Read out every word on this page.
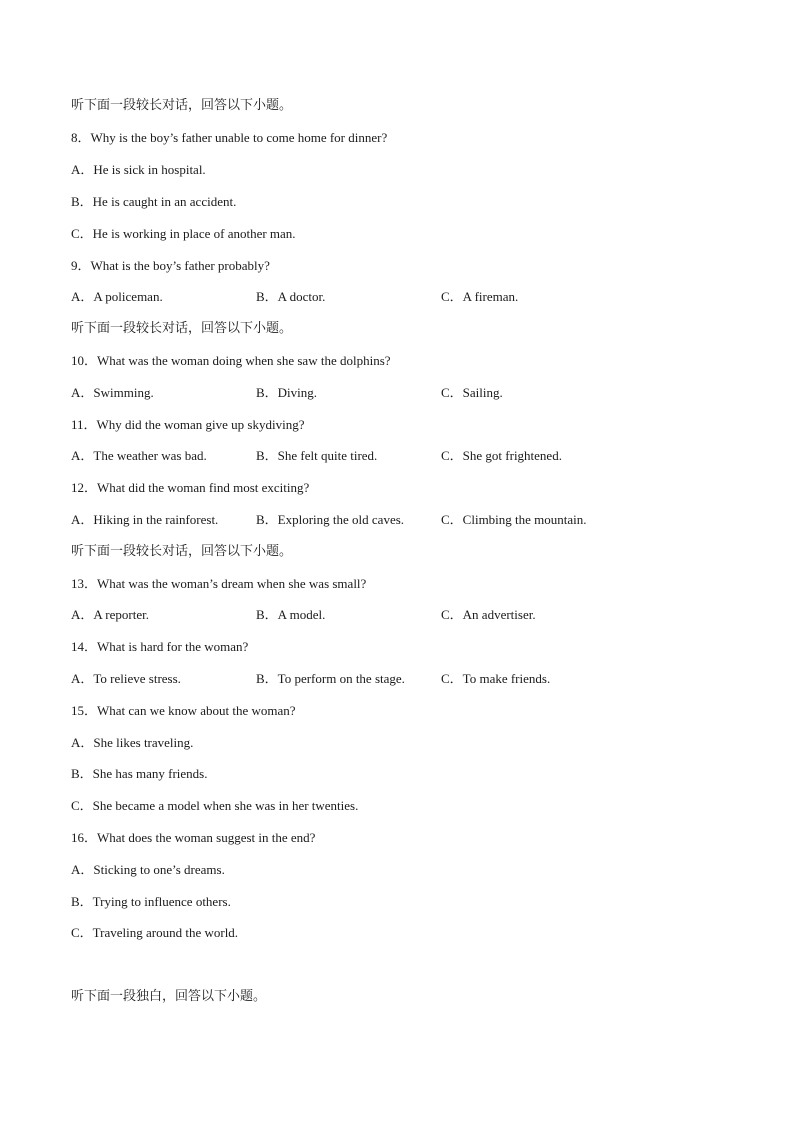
听下面一段较长对话，回答以下小题。
8．Why is the boy’s father unable to come home for dinner?
A．He is sick in hospital.
B．He is caught in an accident.
C．He is working in place of another man.
9．What is the boy’s father probably?
A．A policeman.	B．A doctor.	C．A fireman.
听下面一段较长对话，回答以下小题。
10．What was the woman doing when she saw the dolphins?
A．Swimming.	B．Diving.	C．Sailing.
11．Why did the woman give up skydiving?
A．The weather was bad.	B．She felt quite tired.	C．She got frightened.
12．What did the woman find most exciting?
A．Hiking in the rainforest.	B．Exploring the old caves.	C．Climbing the mountain.
听下面一段较长对话，回答以下小题。
13．What was the woman’s dream when she was small?
A．A reporter.	B．A model.	C．An advertiser.
14．What is hard for the woman?
A．To relieve stress.	B．To perform on the stage.	C．To make friends.
15．What can we know about the woman?
A．She likes traveling.
B．She has many friends.
C．She became a model when she was in her twenties.
16．What does the woman suggest in the end?
A．Sticking to one’s dreams.
B．Trying to influence others.
C．Traveling around the world.
听下面一段独白，回答以下小题。
